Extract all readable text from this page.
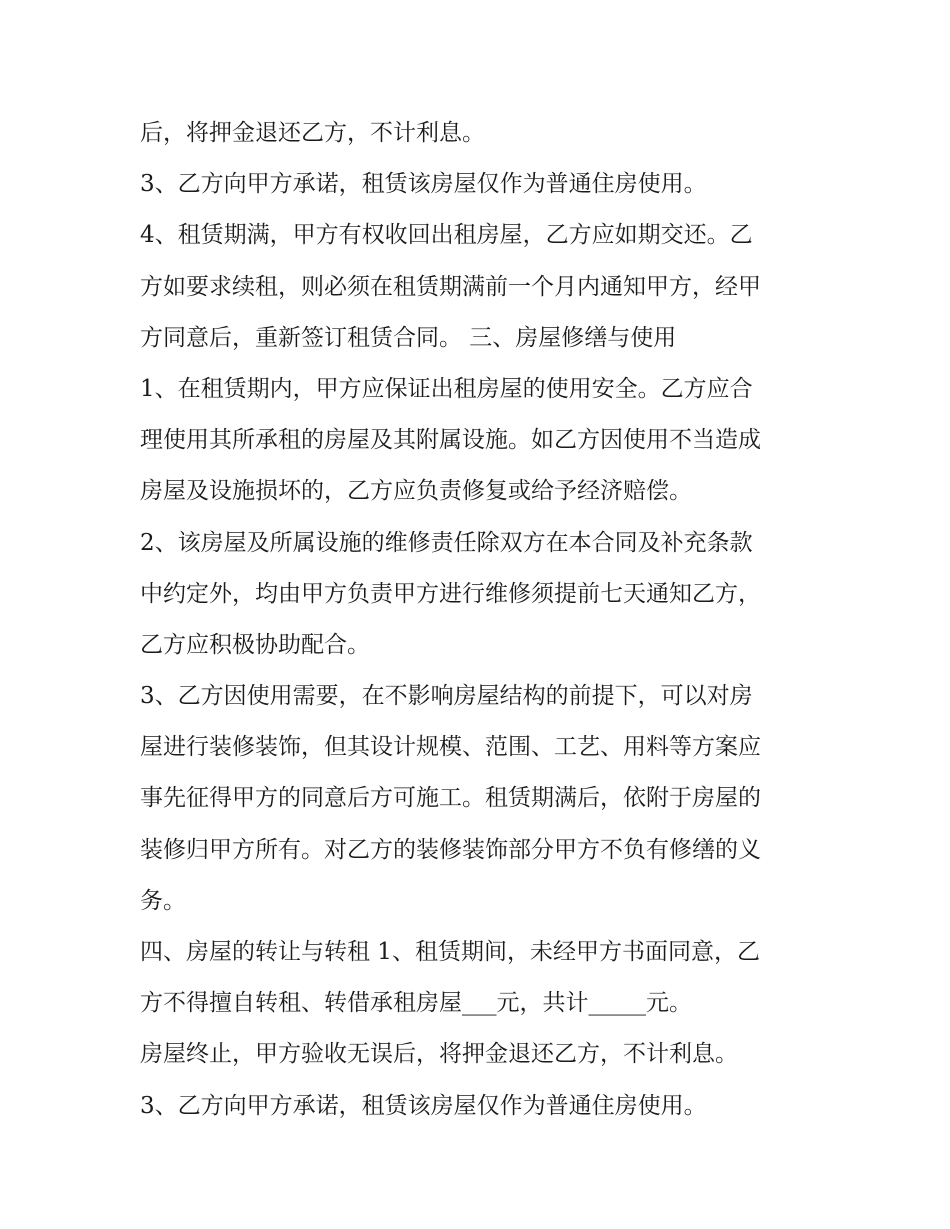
后，将押金退还乙方，不计利息。
3、乙方向甲方承诺，租赁该房屋仅作为普通住房使用。
4、租赁期满，甲方有权收回出租房屋，乙方应如期交还。乙
方如要求续租，则必须在租赁期满前一个月内通知甲方，经甲
方同意后，重新签订租赁合同。 三、房屋修缮与使用
1、在租赁期内，甲方应保证出租房屋的使用安全。乙方应合
理使用其所承租的房屋及其附属设施。如乙方因使用不当造成
房屋及设施损坏的，乙方应负责修复或给予经济赔偿。
2、该房屋及所属设施的维修责任除双方在本合同及补充条款
中约定外，均由甲方负责甲方进行维修须提前七天通知乙方，
乙方应积极协助配合。
3、乙方因使用需要，在不影响房屋结构的前提下，可以对房
屋进行装修装饰，但其设计规模、范围、工艺、用料等方案应
事先征得甲方的同意后方可施工。租赁期满后，依附于房屋的
装修归甲方所有。对乙方的装修装饰部分甲方不负有修缮的义
务。
四、房屋的转让与转租 1、租赁期间，未经甲方书面同意，乙
方不得擅自转租、转借承租房屋___元，共计_____元。
房屋终止，甲方验收无误后，将押金退还乙方，不计利息。
3、乙方向甲方承诺，租赁该房屋仅作为普通住房使用。
